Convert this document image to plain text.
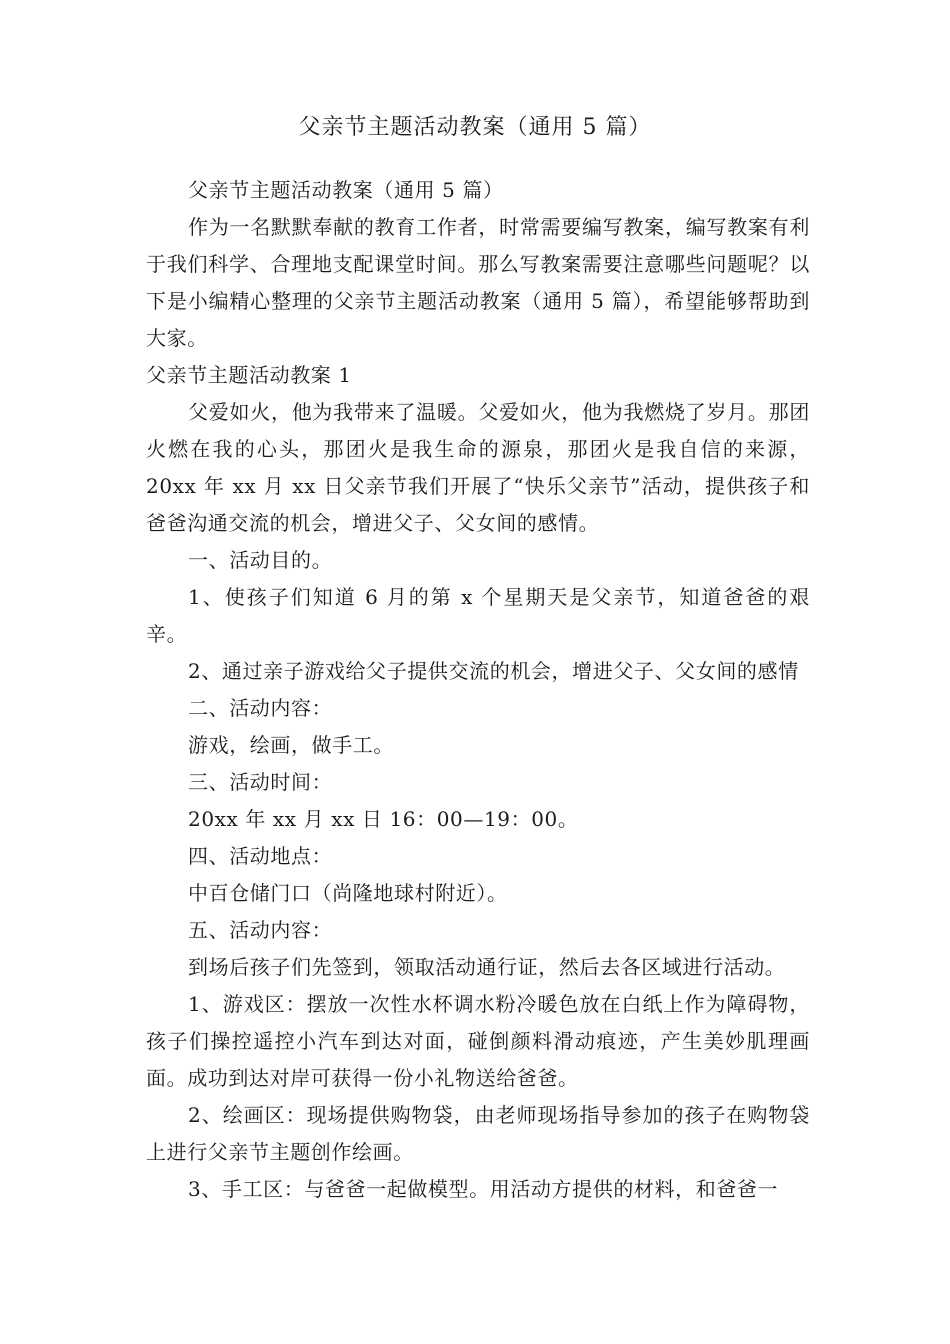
父亲节主题活动教案（通用 5 篇）

父亲节主题活动教案（通用 5 篇）

作为一名默默奉献的教育工作者，时常需要编写教案，编写教案有利于我们科学、合理地支配课堂时间。那么写教案需要注意哪些问题呢？以下是小编精心整理的父亲节主题活动教案（通用 5 篇），希望能够帮助到大家。

父亲节主题活动教案 1

父爱如火，他为我带来了温暖。父爱如火，他为我燃烧了岁月。那团火燃在我的心头，那团火是我生命的源泉，那团火是我自信的来源，20xx 年 xx 月 xx 日父亲节我们开展了“快乐父亲节”活动，提供孩子和爸爸沟通交流的机会，增进父子、父女间的感情。

一、活动目的。

1、使孩子们知道 6 月的第 x 个星期天是父亲节，知道爸爸的艰辛。

2、通过亲子游戏给父子提供交流的机会，增进父子、父女间的感情

二、活动内容：

游戏，绘画，做手工。

三、活动时间：

20xx 年 xx 月 xx 日 16：00—19：00。

四、活动地点：

中百仓储门口（尚隆地球村附近）。

五、活动内容：

到场后孩子们先签到，领取活动通行证，然后去各区域进行活动。

1、游戏区：摆放一次性水杯调水粉冷暖色放在白纸上作为障碍物，孩子们操控遥控小汽车到达对面，碰倒颜料滑动痕迹，产生美妙肌理画面。成功到达对岸可获得一份小礼物送给爸爸。

2、绘画区：现场提供购物袋，由老师现场指导参加的孩子在购物袋上进行父亲节主题创作绘画。

3、手工区：与爸爸一起做模型。用活动方提供的材料，和爸爸一
